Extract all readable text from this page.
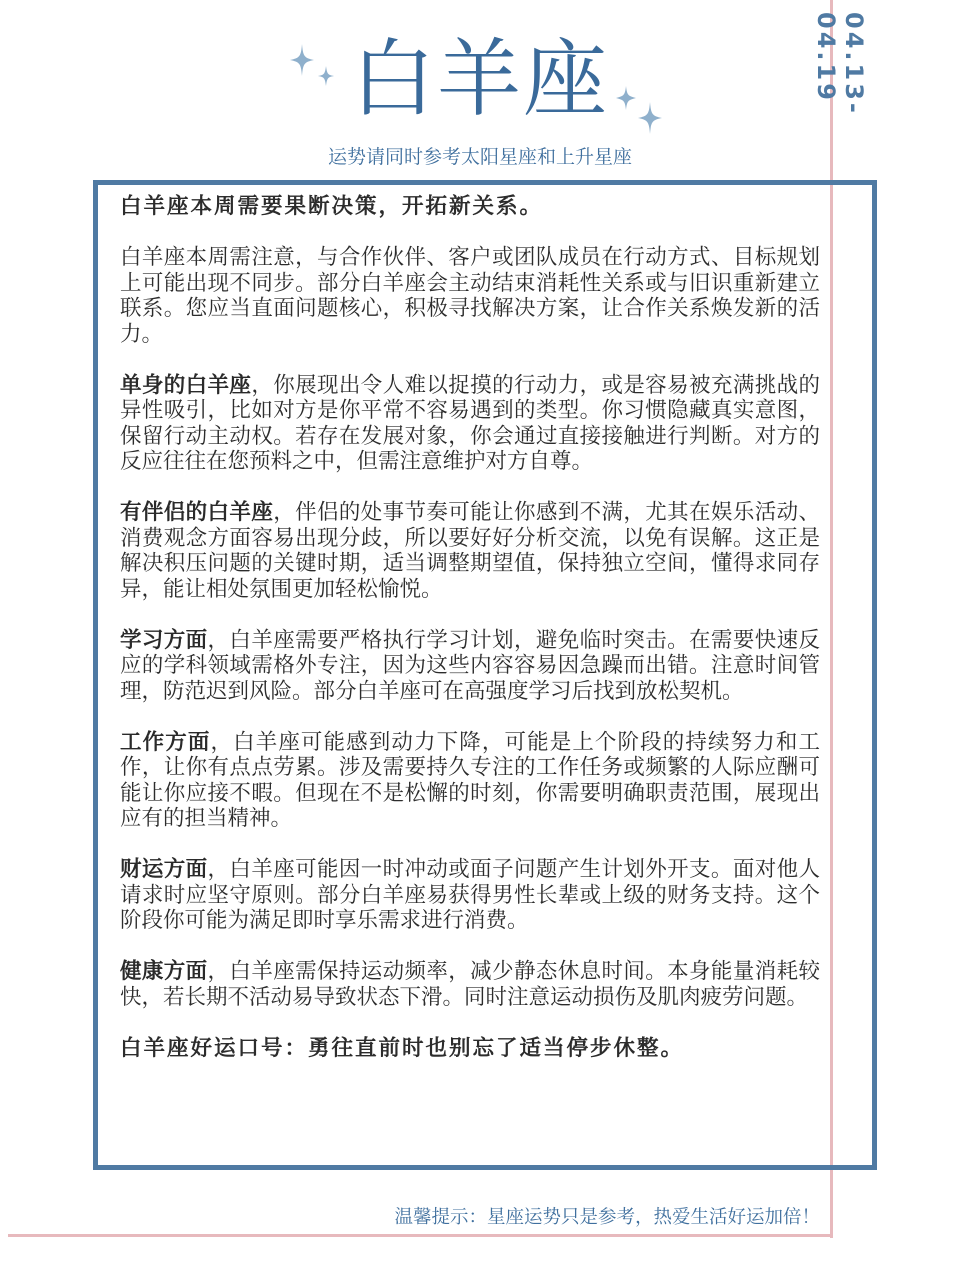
04.13-04.19
白羊座
运势请同时参考太阳星座和上升星座

白羊座本周需要果断决策，开拓新关系。

白羊座本周需注意，与合作伙伴、客户或团队成员在行动方式、目标规划上可能出现不同步。部分白羊座会主动结束消耗性关系或与旧识重新建立联系。您应当直面问题核心，积极寻找解决方案，让合作关系焕发新的活力。

单身的白羊座，你展现出令人难以捉摸的行动力，或是容易被充满挑战的异性吸引，比如对方是你平常不容易遇到的类型。你习惯隐藏真实意图，保留行动主动权。若存在发展对象，你会通过直接接触进行判断。对方的反应往往在您预料之中，但需注意维护对方自尊。

有伴侣的白羊座，伴侣的处事节奏可能让你感到不满，尤其在娱乐活动、消费观念方面容易出现分歧，所以要好好分析交流，以免有误解。这正是解决积压问题的关键时期，适当调整期望值，保持独立空间，懂得求同存异，能让相处氛围更加轻松愉悦。

学习方面，白羊座需要严格执行学习计划，避免临时突击。在需要快速反应的学科领域需格外专注，因为这些内容容易因急躁而出错。注意时间管理，防范迟到风险。部分白羊座可在高强度学习后找到放松契机。

工作方面，白羊座可能感到动力下降，可能是上个阶段的持续努力和工作，让你有点点劳累。涉及需要持久专注的工作任务或频繁的人际应酬可能让你应接不暇。但现在不是松懈的时刻，你需要明确职责范围，展现出应有的担当精神。

财运方面，白羊座可能因一时冲动或面子问题产生计划外开支。面对他人请求时应坚守原则。部分白羊座易获得男性长辈或上级的财务支持。这个阶段你可能为满足即时享乐需求进行消费。

健康方面，白羊座需保持运动频率，减少静态休息时间。本身能量消耗较快，若长期不活动易导致状态下滑。同时注意运动损伤及肌肉疲劳问题。

白羊座好运口号：勇往直前时也别忘了适当停步休整。

温馨提示：星座运势只是参考，热爱生活好运加倍！
